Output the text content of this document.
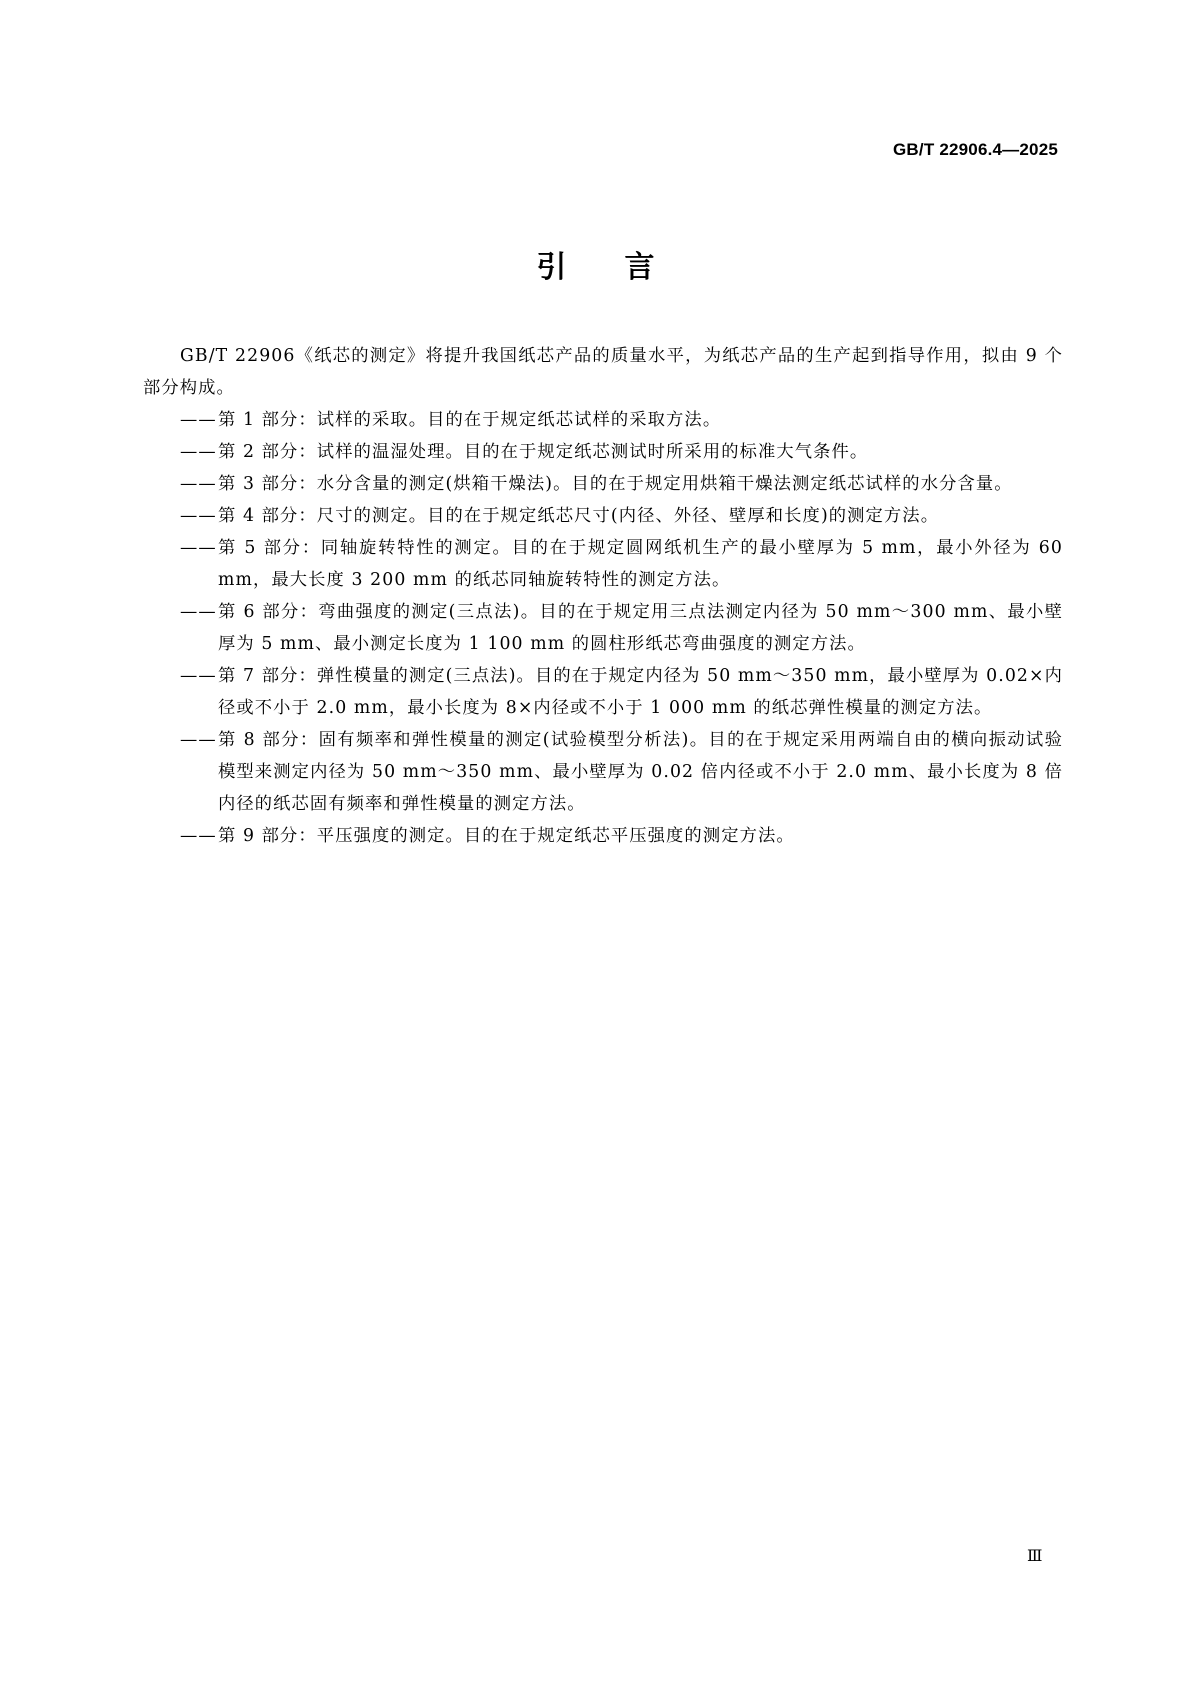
GB/T 22906.4—2025
引言

GB/T 22906《纸芯的测定》将提升我国纸芯产品的质量水平，为纸芯产品的生产起到指导作用，拟由 9 个部分构成。

—— 第 1 部分：试样的采取。目的在于规定纸芯试样的采取方法。
—— 第 2 部分：试样的温湿处理。目的在于规定纸芯测试时所采用的标准大气条件。
—— 第 3 部分：水分含量的测定(烘箱干燥法)。目的在于规定用烘箱干燥法测定纸芯试样的水分含量。
—— 第 4 部分：尺寸的测定。目的在于规定纸芯尺寸(内径、外径、壁厚和长度)的测定方法。
—— 第 5 部分：同轴旋转特性的测定。目的在于规定圆网纸机生产的最小壁厚为 5 mm，最小外径为 60 mm，最大长度 3 200 mm 的纸芯同轴旋转特性的测定方法。
—— 第 6 部分：弯曲强度的测定(三点法)。目的在于规定用三点法测定内径为 50 mm～300 mm、最小壁厚为 5 mm、最小测定长度为 1 100 mm 的圆柱形纸芯弯曲强度的测定方法。
—— 第 7 部分：弹性模量的测定(三点法)。目的在于规定内径为 50 mm～350 mm，最小壁厚为 0.02×内径或不小于 2.0 mm，最小长度为 8×内径或不小于 1 000 mm 的纸芯弹性模量的测定方法。
—— 第 8 部分：固有频率和弹性模量的测定(试验模型分析法)。目的在于规定采用两端自由的横向振动试验模型来测定内径为 50 mm～350 mm、最小壁厚为 0.02 倍内径或不小于 2.0 mm、最小长度为 8 倍内径的纸芯固有频率和弹性模量的测定方法。
—— 第 9 部分：平压强度的测定。目的在于规定纸芯平压强度的测定方法。
Ⅲ
